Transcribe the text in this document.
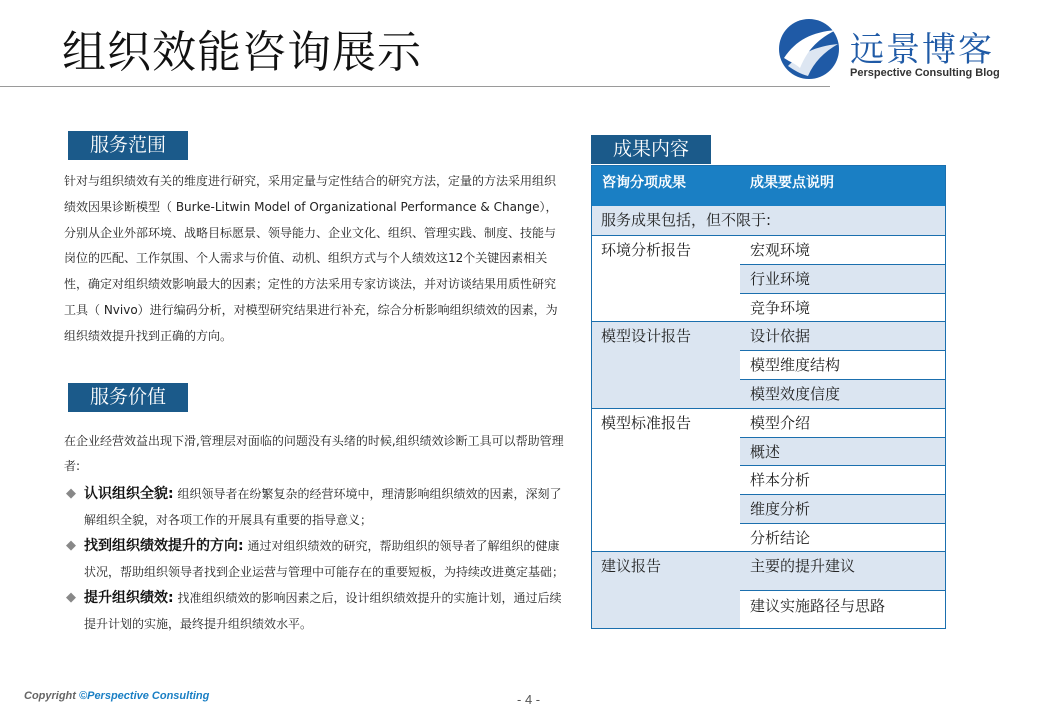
组织效能咨询展示	远景博客
Perspective Consulting Blog
服务范围
针对与组织绩效有关的维度进行研究，采用定量与定性结合的研究方法，定量的方法采用组织绩效因果诊断模型（ Burke-Litwin Model of Organizational Performance & Change），分别从企业外部环境、战略目标愿景、领导能力、企业文化、组织、管理实践、制度、技能与岗位的匹配、工作氛围、个人需求与价值、动机、组织方式与个人绩效这12个关键因素相关性，确定对组织绩效影响最大的因素；定性的方法采用专家访谈法，并对访谈结果用质性研究工具（ Nvivo）进行编码分析，对模型研究结果进行补充，综合分析影响组织绩效的因素，为组织绩效提升找到正确的方向。
服务价值
在企业经营效益出现下滑,管理层对面临的问题没有头绪的时候,组织绩效诊断工具可以帮助管理者:
◆ 认识组织全貌: 组织领导者在纷繁复杂的经营环境中，理清影响组织绩效的因素，深刻了解组织全貌，对各项工作的开展具有重要的指导意义；
◆ 找到组织绩效提升的方向: 通过对组织绩效的研究，帮助组织的领导者了解组织的健康状况，帮助组织领导者找到企业运营与管理中可能存在的重要短板，为持续改进奠定基础；
◆ 提升组织绩效: 找准组织绩效的影响因素之后，设计组织绩效提升的实施计划，通过后续提升计划的实施，最终提升组织绩效水平。
成果内容
咨询分项成果	成果要点说明
服务成果包括，但不限于:
环境分析报告	宏观环境
行业环境
竞争环境
模型设计报告	设计依据
模型维度结构
模型效度信度
模型标准报告	模型介绍
概述
样本分析
维度分析
分析结论
建议报告	主要的提升建议
建议实施路径与思路
Copyright ©Perspective Consulting	- 4 -
